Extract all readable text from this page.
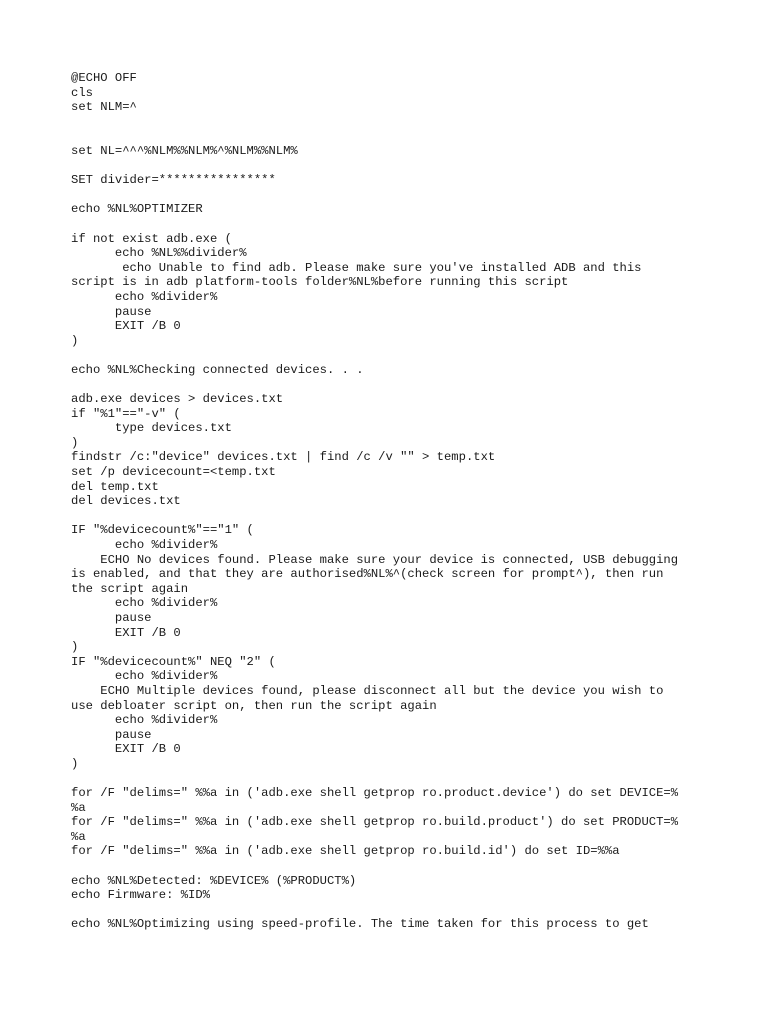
@ECHO OFF
cls
set NLM=^
set NL=^^^%NLM%%NLM%^%NLM%%NLM%
SET divider=****************
echo %NL%OPTIMIZER
if not exist adb.exe (
echo %NL%%divider%
echo Unable to find adb. Please make sure you've installed ADB and this
script is in adb platform-tools folder%NL%before running this script
echo %divider%
pause
EXIT /B 0
)
echo %NL%Checking connected devices. . .
adb.exe devices > devices.txt
if "%1"=="-v" (
type devices.txt
)
findstr /c:"device" devices.txt | find /c /v "" > temp.txt
set /p devicecount=<temp.txt
del temp.txt
del devices.txt
IF "%devicecount%"=="1" (
echo %divider%
ECHO No devices found. Please make sure your device is connected, USB debugging
is enabled, and that they are authorised%NL%^(check screen for prompt^), then run
the script again
echo %divider%
pause
EXIT /B 0
)
IF "%devicecount%" NEQ "2" (
echo %divider%
ECHO Multiple devices found, please disconnect all but the device you wish to
use debloater script on, then run the script again
echo %divider%
pause
EXIT /B 0
)
for /F "delims=" %%a in ('adb.exe shell getprop ro.product.device') do set DEVICE=%
%a
for /F "delims=" %%a in ('adb.exe shell getprop ro.build.product') do set PRODUCT=%
%a
for /F "delims=" %%a in ('adb.exe shell getprop ro.build.id') do set ID=%%a
echo %NL%Detected: %DEVICE% (%PRODUCT%)
echo Firmware: %ID%
echo %NL%Optimizing using speed-profile. The time taken for this process to get
